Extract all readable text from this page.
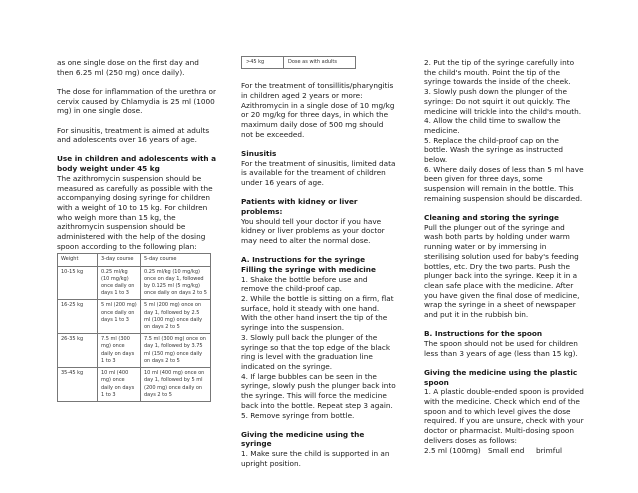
as one single dose on the first day and then 6.25 ml (250 mg) once daily).

The dose for inflammation of the urethra or cervix caused by Chlamydia is 25 ml (1000 mg) in one single dose.

For sinusitis, treatment is aimed at adults and adolescents over 16 years of age.

Use in children and adolescents with a body weight under 45 kg
The azithromycin suspension should be measured as carefully as possible with the accompanying dosing syringe for children with a weight of 10 to 15 kg. For children who weigh more than 15 kg, the azithromycin suspension should be administered with the help of the dosing spoon according to the following plan:

Weight	3-day course	5-day course
10-15 kg	0.25 ml/kg (10 mg/kg) once daily on days 1 to 3	0.25 ml/kg (10 mg/kg) once on day 1, followed by 0.125 ml (5 mg/kg) once daily on days 2 to 5
16-25 kg	5 ml (200 mg) once daily on days 1 to 3	5 ml (200 mg) once on day 1, followed by 2.5 ml (100 mg) once daily on days 2 to 5
26-35 kg	7.5 ml (300 mg) once daily on days 1 to 3	7.5 ml (300 mg) once on day 1, followed by 3.75 ml (150 mg) once daily on days 2 to 5
35-45 kg	10 ml (400 mg) once daily on days 1 to 3	10 ml (400 mg) once on day 1, followed by 5 ml (200 mg) once daily on days 2 to 5
>45 kg	Dose as with adults

For the treatment of tonsillitis/pharyngitis in children aged 2 years or more: Azithromycin in a single dose of 10 mg/kg or 20 mg/kg for three days, in which the maximum daily dose of 500 mg should not be exceeded.

Sinusitis
For the treatment of sinusitis, limited data is available for the treament of children under 16 years of age.

Patients with kidney or liver problems:
You should tell your doctor if you have kidney or liver problems as your doctor may need to alter the normal dose.

A. Instructions for the syringe
Filling the syringe with medicine
1. Shake the bottle before use and remove the child-proof cap.
2. While the bottle is sitting on a firm, flat surface, hold it steady with one hand. With the other hand insert the tip of the syringe into the suspension.
3. Slowly pull back the plunger of the syringe so that the top edge of the black ring is level with the graduation line indicated on the syringe.
4. If large bubbles can be seen in the syringe, slowly push the plunger back into the syringe. This will force the medicine back into the bottle. Repeat step 3 again.
5. Remove syringe from bottle.

Giving the medicine using the syringe
1. Make sure the child is supported in an upright position.

2. Put the tip of the syringe carefully into the child's mouth. Point the tip of the syringe towards the inside of the cheek.
3. Slowly push down the plunger of the syringe: Do not squirt it out quickly. The medicine will trickle into the child's mouth.
4. Allow the child time to swallow the medicine.
5. Replace the child-proof cap on the bottle. Wash the syringe as instructed below.
6. Where daily doses of less than 5 ml have been given for three days, some suspension will remain in the bottle. This remaining suspension should be discarded.

Cleaning and storing the syringe
Pull the plunger out of the syringe and wash both parts by holding under warm running water or by immersing in sterilising solution used for baby's feeding bottles, etc. Dry the two parts. Push the plunger back into the syringe. Keep it in a clean safe place with the medicine. After you have given the final dose of medicine, wrap the syringe in a sheet of newspaper and put it in the rubbish bin.

B. Instructions for the spoon
The spoon should not be used for children less than 3 years of age (less than 15 kg).

Giving the medicine using the plastic spoon
1. A plastic double-ended spoon is provided with the medicine. Check which end of the spoon and to which level gives the dose required. If you are unsure, check with your doctor or pharmacist. Multi-dosing spoon delivers doses as follows:
2.5 ml (100mg) Small end brimful
